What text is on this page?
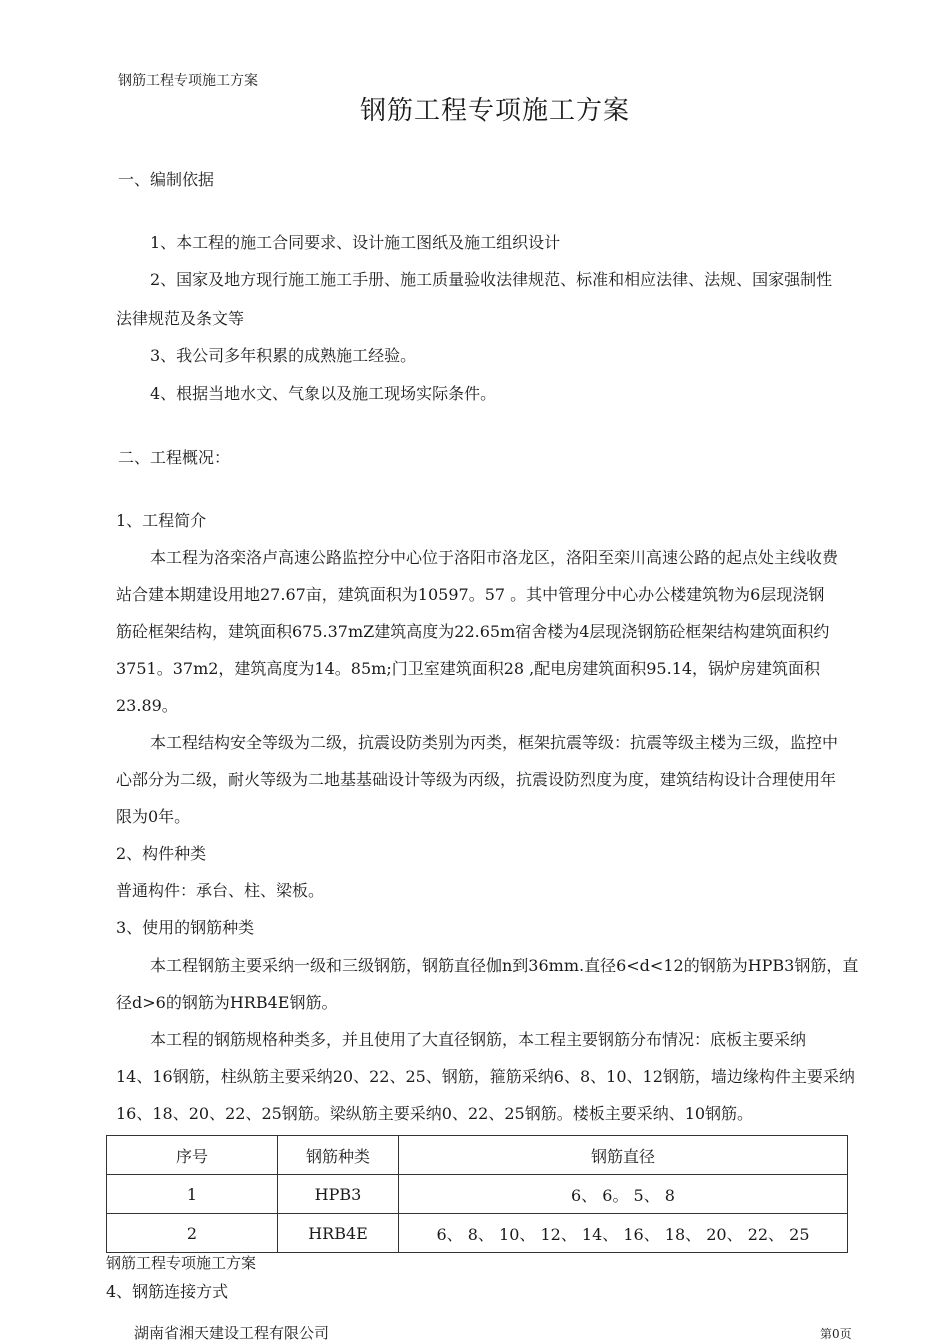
钢筋工程专项施工方案
钢筋工程专项施工方案
一、编制依据
1、本工程的施工合同要求、设计施工图纸及施工组织设计
2、国家及地方现行施工施工手册、施工质量验收法律规范、标准和相应法律、法规、国家强制性
法律规范及条文等
3、我公司多年积累的成熟施工经验。
4、根据当地水文、气象以及施工现场实际条件。
二、工程概况：
1、工程简介
本工程为洛栾洛卢高速公路监控分中心位于洛阳市洛龙区，洛阳至栾川高速公路的起点处主线收费
站合建本期建设用地27.67亩，建筑面积为10597。57 。其中管理分中心办公楼建筑物为6层现浇钢
筋砼框架结构，建筑面积675.37mZ建筑高度为22.65m宿舍楼为4层现浇钢筋砼框架结构建筑面积约
3751。37m2，建筑高度为14。85m;门卫室建筑面积28 ,配电房建筑面积95.14，锅炉房建筑面积
23.89。
本工程结构安全等级为二级，抗震设防类别为丙类，框架抗震等级：抗震等级主楼为三级，监控中
心部分为二级，耐火等级为二地基基础设计等级为丙级，抗震设防烈度为度，建筑结构设计合理使用年
限为0年。
2、构件种类
普通构件：承台、柱、梁板。
3、使用的钢筋种类
本工程钢筋主要采纳一级和三级钢筋，钢筋直径伽n到36mm.直径6<d<12的钢筋为HPB3钢筋，直
径d>6的钢筋为HRB4E钢筋。
本工程的钢筋规格种类多，并且使用了大直径钢筋，本工程主要钢筋分布情况：底板主要采纳
14、16钢筋，柱纵筋主要采纳20、22、25、钢筋，箍筋采纳6、8、10、12钢筋，墙边缘构件主要采纳
16、18、20、22、25钢筋。梁纵筋主要采纳0、22、25钢筋。楼板主要采纳、10钢筋。
序号	钢筋种类	钢筋直径
1	HPB3	6、 6。 5、 8
2	HRB4E	6、 8、 10、 12、 14、 16、 18、 20、 22、 25
钢筋工程专项施工方案
4、钢筋连接方式
湖南省湘天建设工程有限公司	第0页
